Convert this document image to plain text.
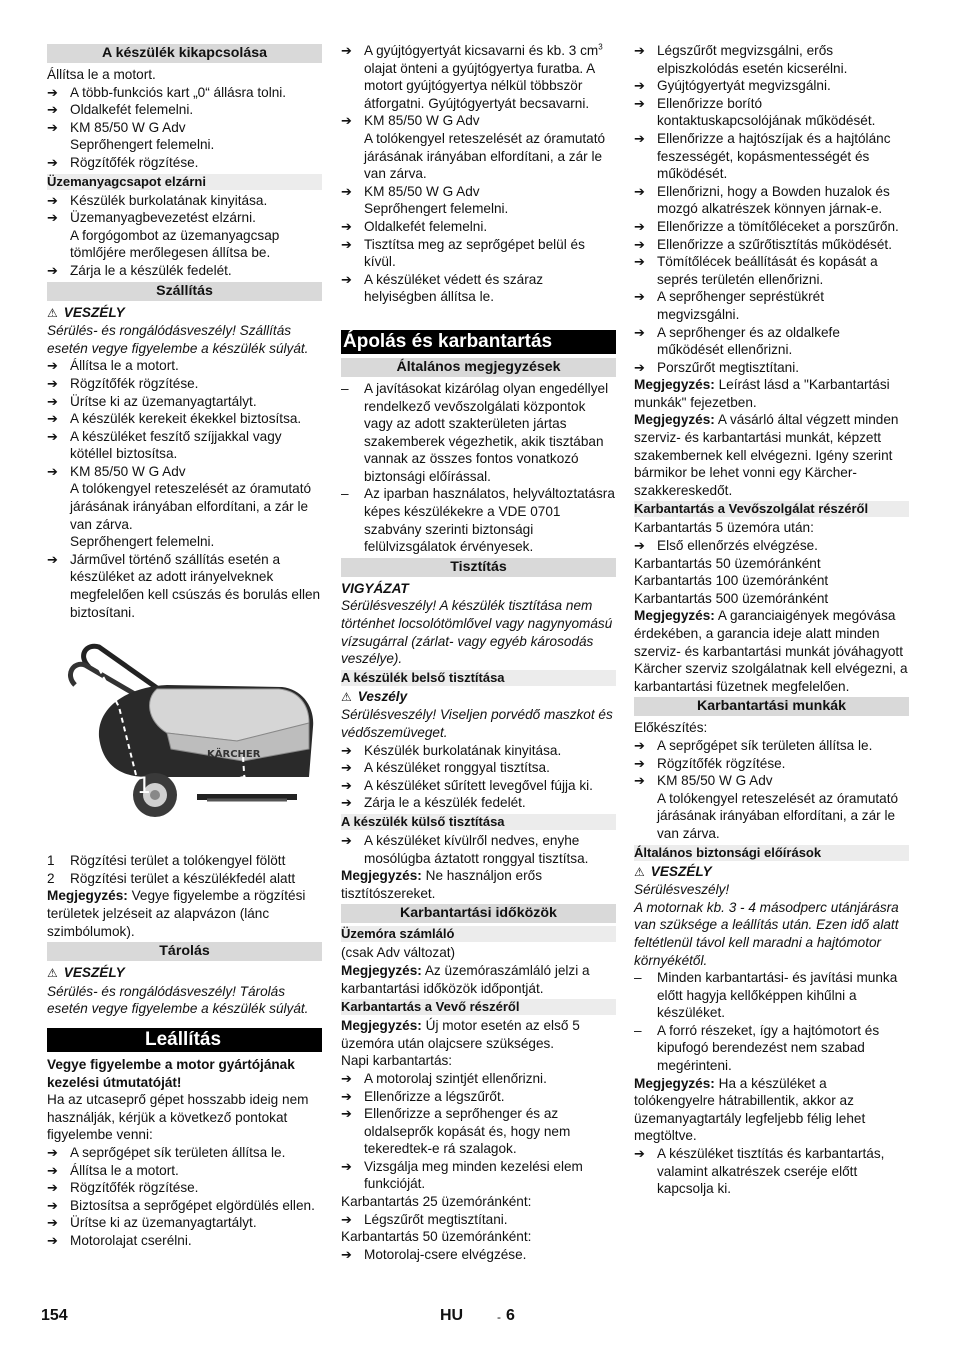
A készülék kikapcsolása

Állítsa le a motort.

➔ A több-funkciós kart „0“ állásra tolni.

➔ Oldalkefét felemelni.

➔ KM 85/50 W G Adv

Seprőhengert felemelni.

➔ Rögzítőfék rögzítése.

Üzemanyagcsapot elzárni

➔ Készülék burkolatának kinyitása.

➔ Üzemanyagbevezetést elzárni.

A forgógombot az üzemanyagcsap tömlőjére merőlegesen állítsa be.

➔ Zárja le a készülék fedelét.

Szállítás

⚠ VESZÉLY

Sérülés- és rongálódásveszély! Szállítás esetén vegye figyelembe a készülék súlyát.

➔ Állítsa le a motort.

➔ Rögzítőfék rögzítése.

➔ Ürítse ki az üzemanyagtartályt.

➔ A készülék kerekeit ékekkel biztosítsa.

➔ A készüléket feszítő szíjjakkal vagy kötéllel biztosítsa.

➔ KM 85/50 W G Adv

A tolókengyel reteszelését az óramutató járásának irányában elfordítani, a zár le van zárva.

Seprőhengert felemelni.

➔ Járművel történő szállítás esetén a készüléket az adott irányelveknek megfelelően kell csúszás és borulás ellen biztosítani.

KÄRCHER
1	2

1 Rögzítési terület a tolókengyel fölött

2 Rögzítési terület a készülékfedél alatt

Megjegyzés: Vegye figyelembe a rögzítési területek jelzéseit az alapvázon (lánc szimbólumok).

Tárolás

⚠ VESZÉLY

Sérülés- és rongálódásveszély! Tárolás esetén vegye figyelembe a készülék súlyát.

Leállítás

Vegye figyelembe a motor gyártójának kezelési útmutatóját!

Ha az utcaseprő gépet hosszabb ideig nem használják, kérjük a következő pontokat figyelembe venni:

➔ A seprőgépet sík területen állítsa le.

➔ Állítsa le a motort.

➔ Rögzítőfék rögzítése.

➔ Biztosítsa a seprőgépet elgördülés ellen.

➔ Ürítse ki az üzemanyagtartályt.

➔ Motorolajat cserélni.

➔ A gyújtógyertyát kicsavarni és kb. 3 $cm^3$ olajat önteni a gyújtógyertya furatba. A motort gyújtógyertya nélkül többször átforgatni. Gyújtógyertyát becsavarni.

➔ KM 85/50 W G Adv

A tolókengyel reteszelését az óramutató járásának irányában elfordítani, a zár le van zárva.

➔ KM 85/50 W G Adv

Seprőhengert felemelni.

➔ Oldalkefét felemelni.

➔ Tisztítsa meg az seprőgépet belül és kívül.

➔ A készüléket védett és száraz helyiségben állítsa le.

Ápolás és karbantartás
Általános megjegyzések

– A javításokat kizárólag olyan engedéllyel rendelkező vevőszolgálati központok vagy az adott szakterületen jártas szakemberek végezhetik, akik tisztában vannak az összes fontos vonatkozó biztonsági előírással.

– Az iparban használatos, helyváltoztatásra képes készülékekre a VDE 0701 szabvány szerinti biztonsági felülvizsgálatok érvényesek.

Tisztítás

VIGYÁZAT

Sérülésveszély! A készülék tisztítása nem történhet locsolótömlővel vagy nagynyomású vízsugárral (zárlat- vagy egyéb károsodás veszélye).

A készülék belső tisztítása

⚠ Veszély

Sérülésveszély! Viseljen porvédő maszkot és védőszemüveget.

➔ Készülék burkolatának kinyitása.

➔ A készüléket ronggyal tisztítsa.

➔ A készüléket sűrített levegővel fújja ki.

➔ Zárja le a készülék fedelét.

A készülék külső tisztítása

➔ A készüléket kívülről nedves, enyhe mosólúgba áztatott ronggyal tisztítsa.

Megjegyzés: Ne használjon erős tisztítószereket.

Karbantartási időközök
Üzemóra számláló

(csak Adv változat)

Megjegyzés: Az üzemóraszámláló jelzi a karbantartási időközök időpontját.

Karbantartás a Vevő részéről

Megjegyzés: Új motor esetén az első 5 üzemóra után olajcsere szükséges.

Napi karbantartás:

➔ A motorolaj szintjét ellenőrizni.

➔ Ellenőrizze a légszűrőt.

➔ Ellenőrizze a seprőhenger és az oldalseprők kopását és, hogy nem tekeredtek-e rá szalagok.

➔ Vizsgálja meg minden kezelési elem funkcióját.

Karbantartás 25 üzemóránként:

➔ Légszűrőt megtisztítani.

Karbantartás 50 üzemóránként:

➔ Motorolaj-csere elvégzése.

➔ Légszűrőt megvizsgálni, erős elpiszkolódás esetén kicserélni.

➔ Gyújtógyertyát megvizsgálni.

➔ Ellenőrizze borító kontaktuskapcsolójának működését.

➔ Ellenőrizze a hajtószíjak és a hajtólánc feszességét, kopásmentességét és működését.

➔ Ellenőrizni, hogy a Bowden huzalok és mozgó alkatrészek könnyen járnak-e.

➔ Ellenőrizze a tömítőléceket a porszűrőn.

➔ Ellenőrizze a szűrőtisztítás működését.

➔ Tömítőlécek beállítását és kopását a seprés területén ellenőrizni.

➔ A seprőhenger sepréstükrét megvizsgálni.

➔ A seprőhenger és az oldalkefe működését ellenőrizni.

➔ Porszűrőt megtisztítani.

Megjegyzés: Leírást lásd a "Karbantartási munkák" fejezetben.

Megjegyzés: A vásárló által végzett minden szerviz- és karbantartási munkát, képzett szakembernek kell elvégezni. Igény szerint bármikor be lehet vonni egy Kärcher-szakkereskedőt.

Karbantartás a Vevőszolgálat részéről

Karbantartás 5 üzemóra után:

➔ Első ellenőrzés elvégzése.

Karbantartás 50 üzemóránként

Karbantartás 100 üzemóránként

Karbantartás 500 üzemóránként

Megjegyzés: A garanciaigények megóvása érdekében, a garancia ideje alatt minden szerviz- és karbantartási munkát jóváhagyott Kärcher szerviz szolgálatnak kell elvégezni, a karbantartási füzetnek megfelelően.

Karbantartási munkák

Előkészítés:

➔ A seprőgépet sík területen állítsa le.

➔ Rögzítőfék rögzítése.

➔ KM 85/50 W G Adv

A tolókengyel reteszelését az óramutató járásának irányában elfordítani, a zár le van zárva.

Általános biztonsági előírások

⚠ VESZÉLY

Sérülésveszély!

A motornak kb. 3 - 4 másodperc utánjárásra van szüksége a leállítás után. Ezen idő alatt feltétlenül távol kell maradni a hajtómotor környékétől.

– Minden karbantartási- és javítási munka előtt hagyja kellőképpen kihűlni a készüléket.

– A forró részeket, így a hajtómotort és kipufogó berendezést nem szabad megérinteni.

Megjegyzés: Ha a készüléket a tolókengyelre hátrabillentik, akkor az üzemanyagtartály legfeljebb félig lehet megtöltve.

➔ A készüléket tisztítás és karbantartás, valamint alkatrészek cseréje előtt kapcsolja ki.

154	HU	- 6
